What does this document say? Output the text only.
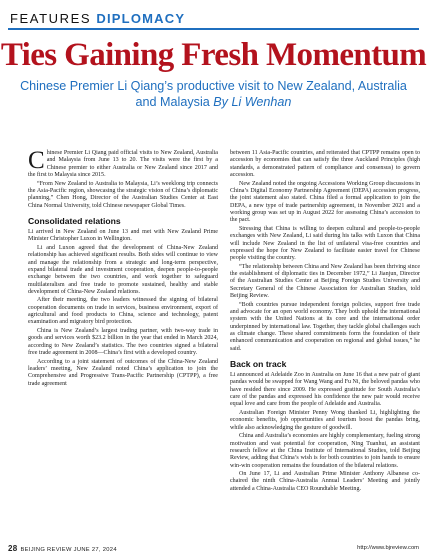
FEATURES DIPLOMACY
Ties Gaining Fresh Momentum
Chinese Premier Li Qiang’s productive visit to New Zealand, Australia and Malaysia By Li Wenhan

Chinese Premier Li Qiang paid official visits to New Zealand, Australia and Malaysia from June 13 to 20. The visits were the first by a Chinese premier to either Australia or New Zealand since 2017 and the first to Malaysia since 2015.

“From New Zealand to Australia to Malaysia, Li’s weeklong trip connects the Asia-Pacific region, showcasing the strategic vision of China’s diplomatic planning,” Chen Hong, Director of the Australian Studies Center at East China Normal University, told Chinese newspaper Global Times.

Consolidated relations

Li arrived in New Zealand on June 13 and met with New Zealand Prime Minister Christopher Luxon in Wellington.

Li and Luxon agreed that the development of China-New Zealand relationship has achieved significant results. Both sides will continue to view and manage the relationship from a strategic and long-term perspective, expand bilateral trade and investment cooperation, deepen people-to-people exchange between the two countries, and work together to safeguard multilateralism and free trade to promote sustained, healthy and stable development of China-New Zealand relations.

After their meeting, the two leaders witnessed the signing of bilateral cooperation documents on trade in services, business environment, export of agricultural and food products to China, science and technology, patent examination and migratory bird protection.

China is New Zealand’s largest trading partner, with two-way trade in goods and services worth $23.2 billion in the year that ended in March 2024, according to New Zealand’s statistics. The two countries signed a bilateral free trade agreement in 2008—China’s first with a developed country.

According to a joint statement of outcomes of the China-New Zealand leaders’ meeting, New Zealand noted China’s application to join the Comprehensive and Progressive Trans-Pacific Partnership (CPTPP), a free trade agreement

between 11 Asia-Pacific countries, and reiterated that CPTPP remains open to accession by economies that can satisfy the three Auckland Principles (high standards, a demonstrated pattern of compliance and consensus) to govern accession.

New Zealand noted the ongoing Accessions Working Group discussions in China’s Digital Economy Partnership Agreement (DEPA) accession progress, the joint statement also stated. China filed a formal application to join the DEPA, a new type of trade partnership agreement, in November 2021 and a working group was set up in August 2022 for assessing China’s accession to the pact.

Stressing that China is willing to deepen cultural and people-to-people exchanges with New Zealand, Li said during his talks with Luxon that China will include New Zealand in the list of unilateral visa-free countries and expressed the hope for New Zealand to facilitate easier travel for Chinese people visiting the country.

“The relationship between China and New Zealand has been thriving since the establishment of diplomatic ties in December 1972,” Li Jianjun, Director of the Australian Studies Center at Beijing Foreign Studies University and Secretary General of the Chinese Association for Australian Studies, told Beijing Review.

“Both countries pursue independent foreign policies, support free trade and advocate for an open world economy. They both uphold the international system with the United Nations at its core and the international order underpinned by international law. Together, they tackle global challenges such as climate change. These shared commitments form the foundation of their enhanced communication and cooperation on regional and global issues,” he said.

Back on track

Li announced at Adelaide Zoo in Australia on June 16 that a new pair of giant pandas would be swapped for Wang Wang and Fu Ni, the beloved pandas who have resided there since 2009. He expressed gratitude for South Australia’s care of the pandas and expressed his confidence the new pair would receive equal love and care from the people of Adelaide and Australia.

Australian Foreign Minister Penny Wong thanked Li, highlighting the economic benefits, job opportunities and tourism boost the pandas bring, while also acknowledging the gesture of goodwill.

China and Australia’s economies are highly complementary, fueling strong motivation and vast potential for cooperation, Ning Tuanhui, an assistant research fellow at the China Institute of International Studies, told Beijing Review, adding that China’s wish is for both countries to join hands to ensure win-win cooperation remains the foundation of the bilateral relations.

On June 17, Li and Australian Prime Minister Anthony Albanese co-chaired the ninth China-Australia Annual Leaders’ Meeting and jointly attended a China-Australia CEO Roundtable Meeting.

28 BEIJING REVIEW JUNE 27, 2024	http://www.bjreview.com
